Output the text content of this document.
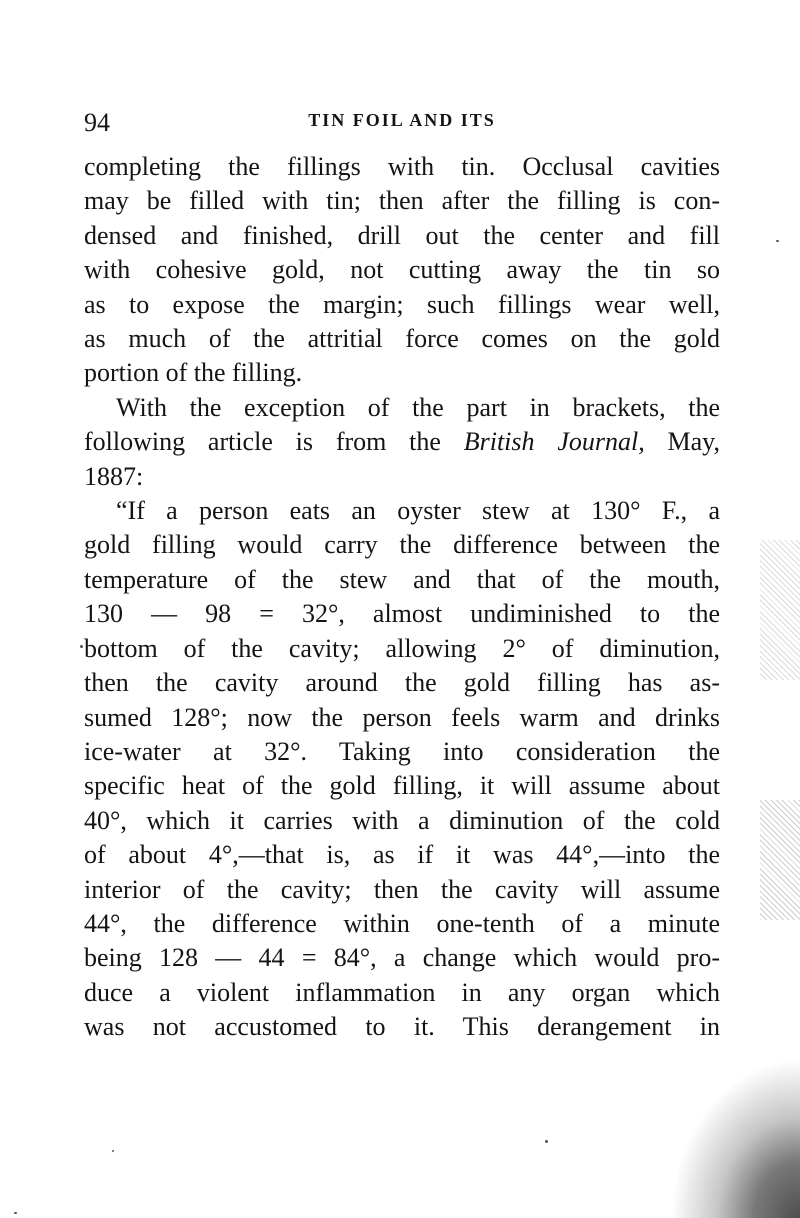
94	TIN FOIL AND ITS

completing the fillings with tin. Occlusal cavities
may be filled with tin; then after the filling is con-
densed and finished, drill out the center and fill
with cohesive gold, not cutting away the tin so
as to expose the margin; such fillings wear well,
as much of the attritial force comes on the gold
portion of the filling.

With the exception of the part in brackets, the
following article is from the British Journal, May,
1887:

“If a person eats an oyster stew at 130° F., a
gold filling would carry the difference between the
temperature of the stew and that of the mouth,
130 — 98 = 32°, almost undiminished to the
bottom of the cavity; allowing 2° of diminution,
then the cavity around the gold filling has as-
sumed 128°; now the person feels warm and drinks
ice-water at 32°. Taking into consideration the
specific heat of the gold filling, it will assume about
40°, which it carries with a diminution of the cold
of about 4°,—that is, as if it was 44°,—into the
interior of the cavity; then the cavity will assume
44°, the difference within one-tenth of a minute
being 128 — 44 = 84°, a change which would pro-
duce a violent inflammation in any organ which
was not accustomed to it. This derangement in
